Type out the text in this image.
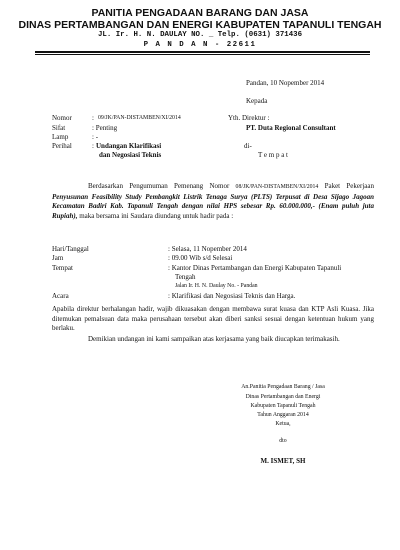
PANITIA PENGADAAN BARANG DAN JASA
DINAS PERTAMBANGAN DAN ENERGI KABUPATEN TAPANULI TENGAH
JL. Ir. H. N. DAULAY NO. _ Telp. (0631) 371436
P A N D A N - 22611
Pandan, 10 Nopember 2014
Kepada
Nomor	: 09/JK/PAN-DISTAMBEN/XI/2014
Sifat	: Penting
Lamp	: -
Perihal	: Undangan Klarifikasi
dan Negosiasi Teknis
Yth. Direktur :
PT. Duta Regional Consultant
di-
T e m p a t
Berdasarkan Pengumuman Pemenang Nomor 08/JK/PAN-DISTAMBEN/XI/2014 Paket Pekerjaan Penyusunan Feasibility Study Pembangkit Listrik Tenaga Surya (PLTS) Terpusat di Desa Sijago Jagoan Kecamatan Badiri Kab. Tapanuli Tengah dengan nilai HPS sebesar Rp. 60.000.000,- (Enam puluh juta Rupiah), maka bersama ini Saudara diundang untuk hadir pada :
Hari/Tanggal	: Selasa, 11 Nopember 2014
Jam	: 09.00 Wib s/d Selesai
Tempat	: Kantor Dinas Pertambangan dan Energi Kabupaten Tapanuli
Tengah
Jalan Ir. H. N. Daulay No. - Pandan
Acara	: Klarifikasi dan Negosiasi Teknis dan Harga.
Apabila direktur berhalangan hadir, wajib dikuasakan dengan membawa surat kuasa dan KTP Asli Kuasa. Jika ditemukan pemalsuan data maka perusahaan tersebut akan diberi sanksi sesuai dengan ketentuan hukum yang berlaku.
Demikian undangan ini kami sampaikan atas kerjasama yang baik diucapkan terimakasih.
An.Panitia Pengadaan Barang / Jasa
Dinas Pertambangan dan Energi
Kabupaten Tapanuli Tengah
Tahun Anggaran 2014
Ketua,
dto
M. ISMET, SH
